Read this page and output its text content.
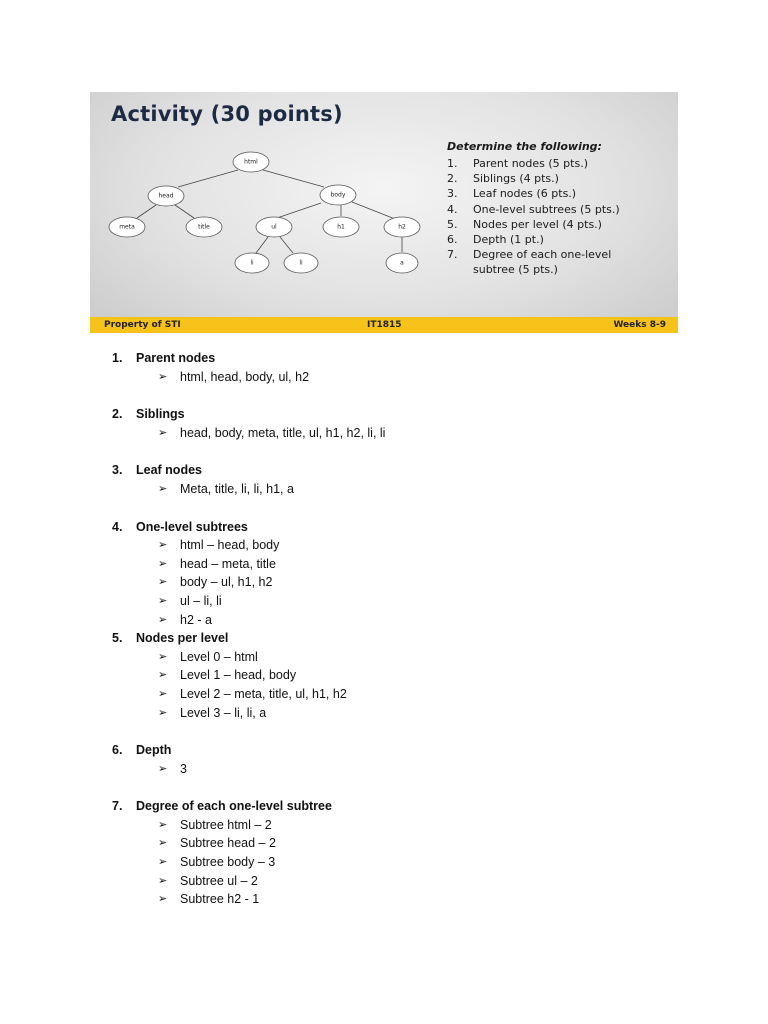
Activity (30 points)
html
head	body
meta	title	ul	h1	h2
li	li	a
Determine the following:
1.	Parent nodes (5 pts.)
2.	Siblings (4 pts.)
3.	Leaf nodes (6 pts.)
4.	One-level subtrees (5 pts.)
5.	Nodes per level (4 pts.)
6.	Depth (1 pt.)
7.	Degree of each one-level
subtree (5 pts.)
Property of STI	IT1815	Weeks 8-9
1.	Parent nodes
➢	html, head, body, ul, h2
2.	Siblings
➢	head, body, meta, title, ul, h1, h2, li, li
3.	Leaf nodes
➢	Meta, title, li, li, h1, a
4.	One-level subtrees
➢	html – head, body
➢	head – meta, title
➢	body – ul, h1, h2
➢	ul – li, li
➢	h2 - a
5.	Nodes per level
➢	Level 0 – html
➢	Level 1 – head, body
➢	Level 2 – meta, title, ul, h1, h2
➢	Level 3 – li, li, a
6.	Depth
➢	3
7.	Degree of each one-level subtree
➢	Subtree html – 2
➢	Subtree head – 2
➢	Subtree body – 3
➢	Subtree ul – 2
➢	Subtree h2 - 1
